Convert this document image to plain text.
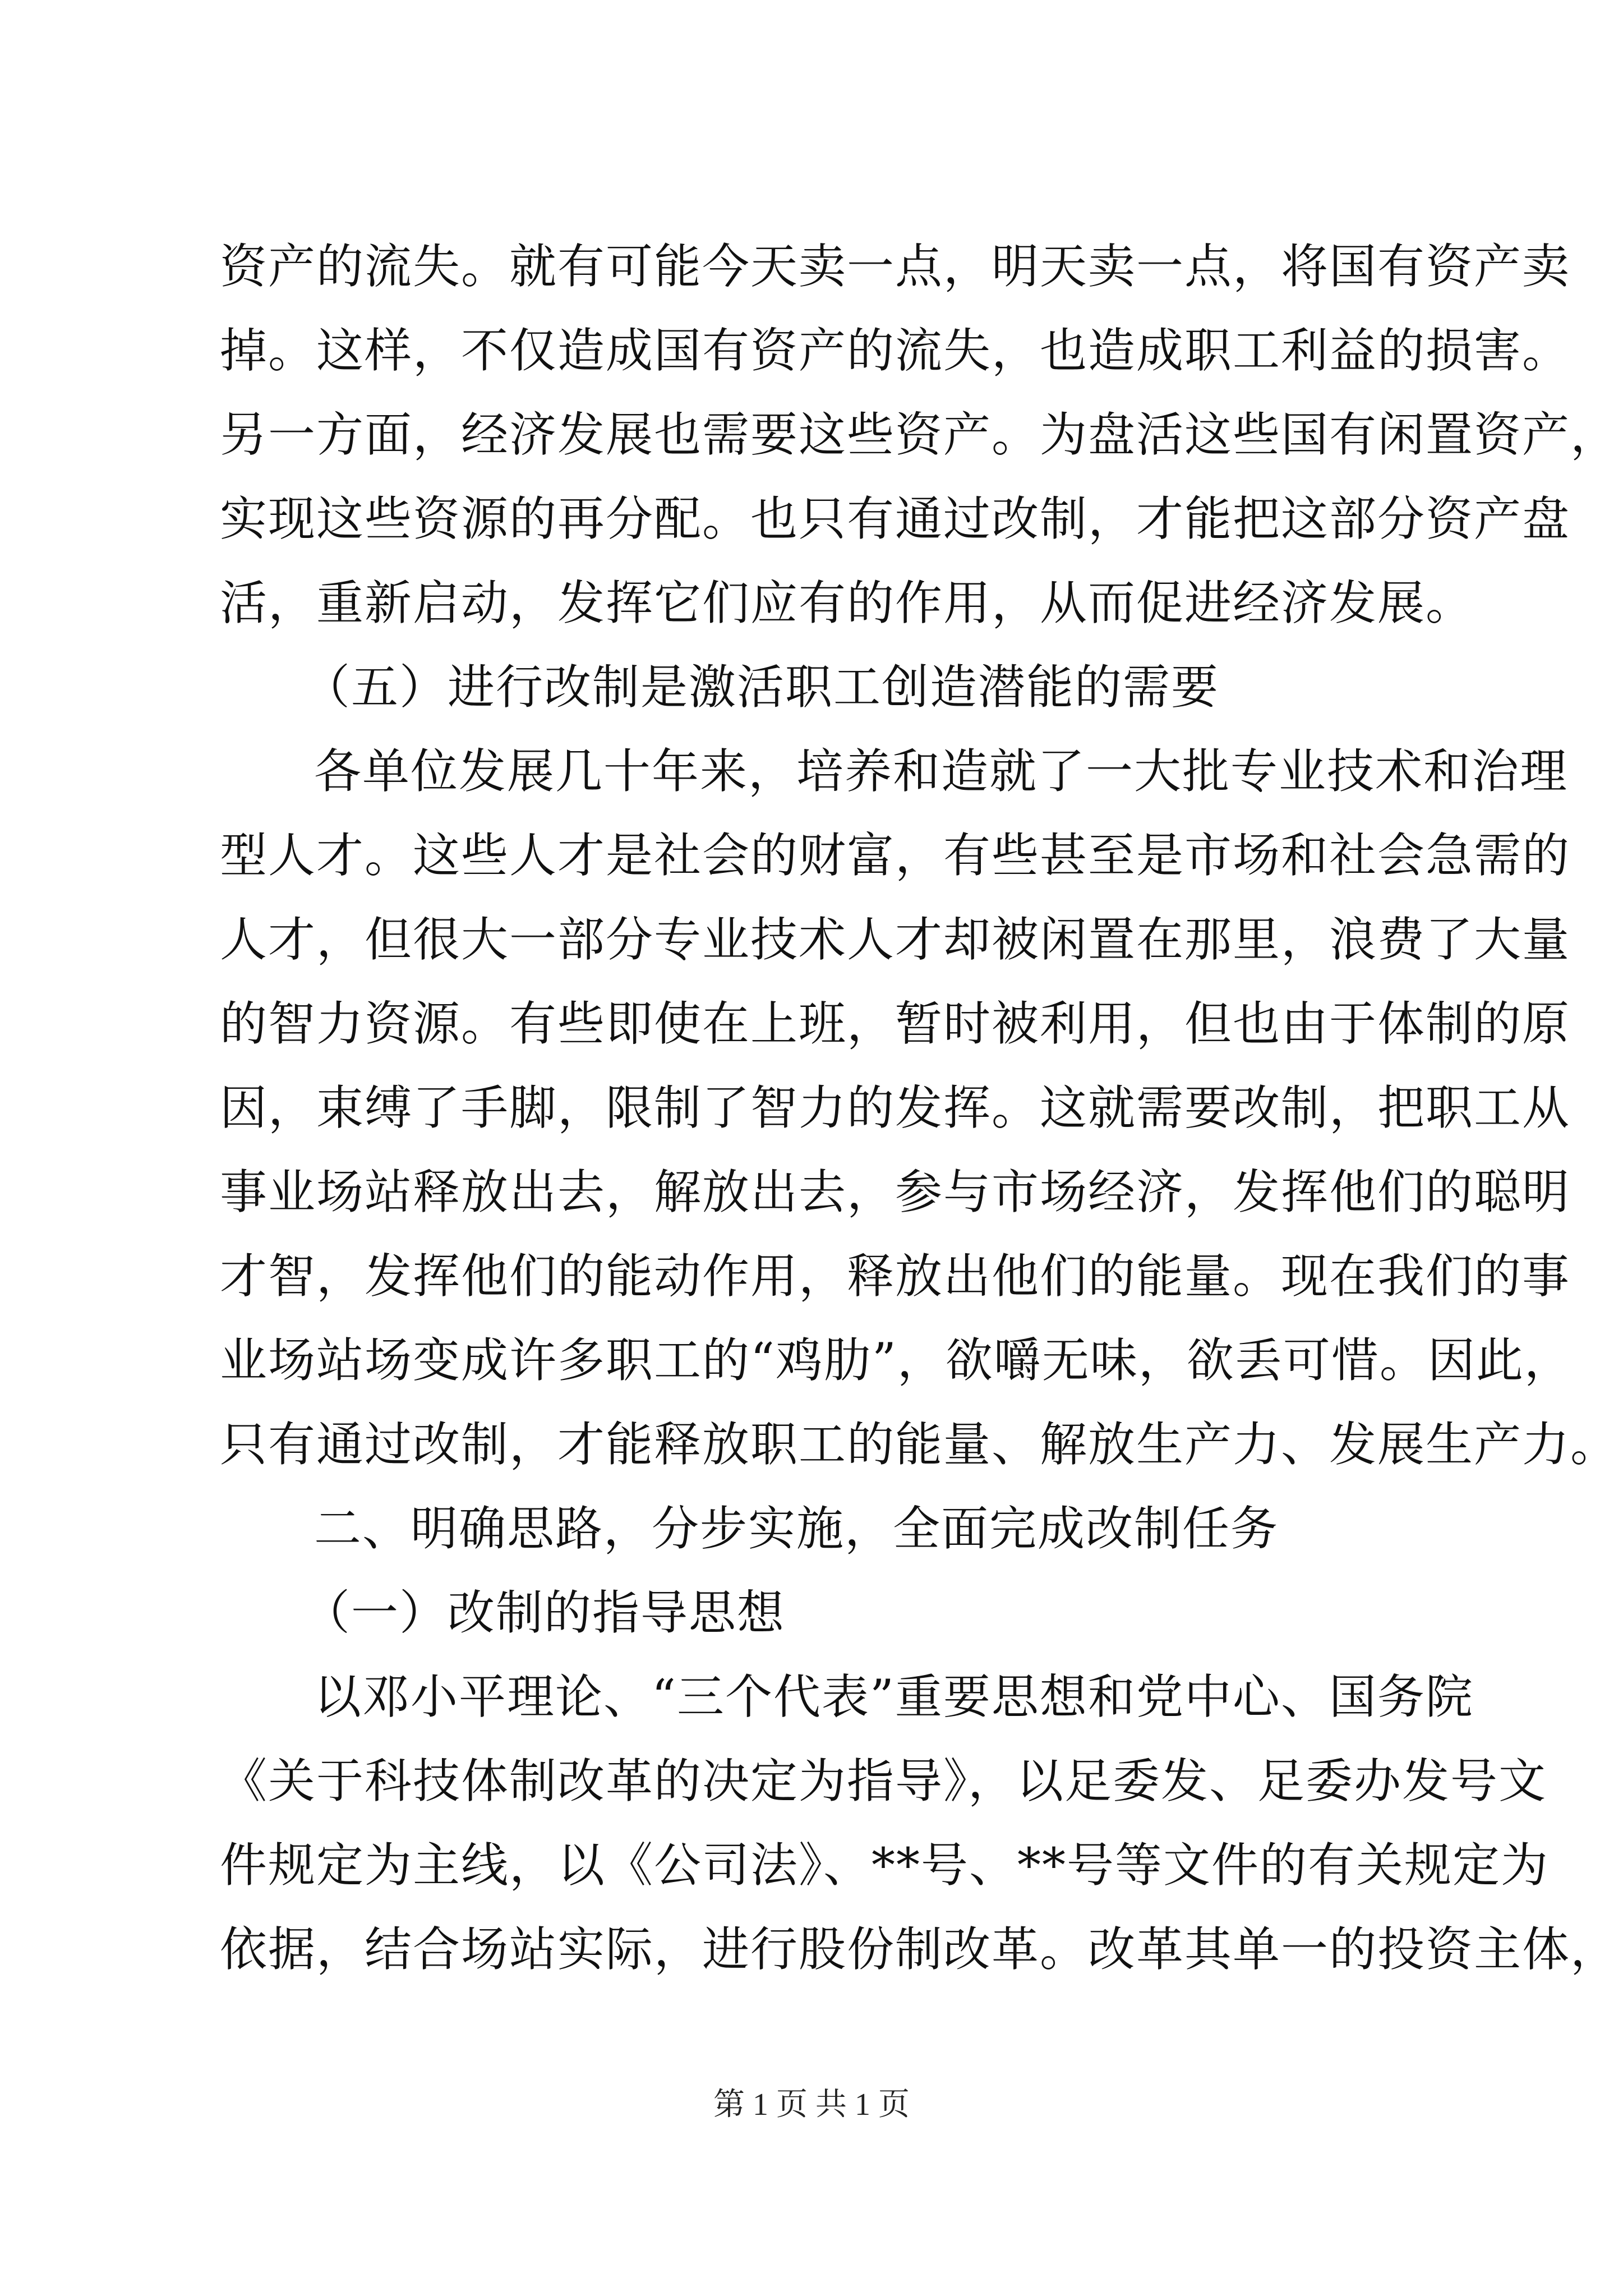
资产的流失。就有可能今天卖一点，明天卖一点，将国有资产卖
掉。这样，不仅造成国有资产的流失，也造成职工利益的损害。
另一方面，经济发展也需要这些资产。为盘活这些国有闲置资产，
实现这些资源的再分配。也只有通过改制，才能把这部分资产盘
活，重新启动，发挥它们应有的作用，从而促进经济发展。
（五）进行改制是激活职工创造潜能的需要
各单位发展几十年来，培养和造就了一大批专业技术和治理
型人才。这些人才是社会的财富，有些甚至是市场和社会急需的
人才，但很大一部分专业技术人才却被闲置在那里，浪费了大量
的智力资源。有些即使在上班，暂时被利用，但也由于体制的原
因，束缚了手脚，限制了智力的发挥。这就需要改制，把职工从
事业场站释放出去，解放出去，参与市场经济，发挥他们的聪明
才智，发挥他们的能动作用，释放出他们的能量。现在我们的事
业场站场变成许多职工的“鸡肋”，欲嚼无味，欲丢可惜。因此，
只有通过改制，才能释放职工的能量、解放生产力、发展生产力。
二、明确思路，分步实施，全面完成改制任务
（一）改制的指导思想
以邓小平理论、“三个代表”重要思想和党中心、国务院
《关于科技体制改革的决定为指导》，以足委发、足委办发号文
件规定为主线，以《公司法》、**号、**号等文件的有关规定为
依据，结合场站实际，进行股份制改革。改革其单一的投资主体，
第 1 页 共 1 页
